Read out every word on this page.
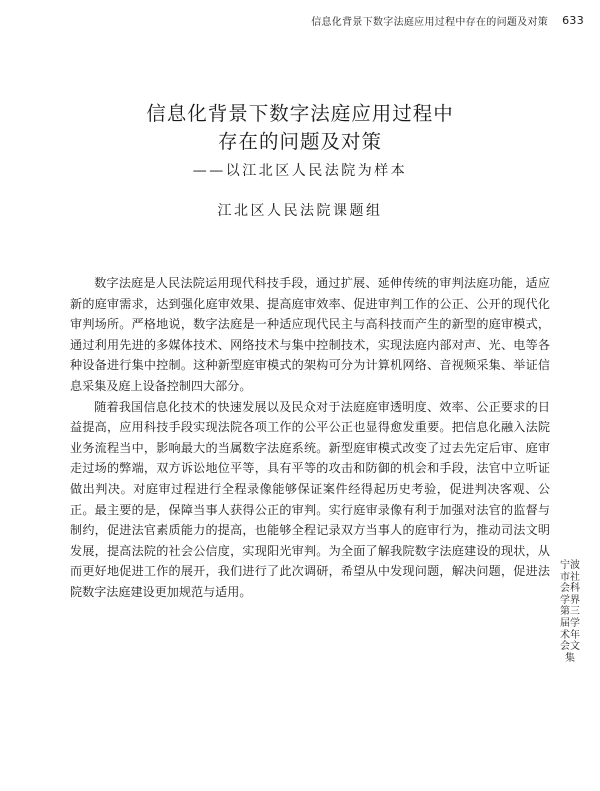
信息化背景下数字法庭应用过程中存在的问题及对策 633
信息化背景下数字法庭应用过程中
存在的问题及对策
——以江北区人民法院为样本
江北区人民法院课题组

数字法庭是人民法院运用现代科技手段，通过扩展、延伸传统的审判法庭功能，适应新的庭审需求，达到强化庭审效果、提高庭审效率、促进审判工作的公正、公开的现代化审判场所。严格地说，数字法庭是一种适应现代民主与高科技而产生的新型的庭审模式，通过利用先进的多媒体技术、网络技术与集中控制技术，实现法庭内部对声、光、电等各种设备进行集中控制。这种新型庭审模式的架构可分为计算机网络、音视频采集、举证信息采集及庭上设备控制四大部分。

随着我国信息化技术的快速发展以及民众对于法庭庭审透明度、效率、公正要求的日益提高，应用科技手段实现法院各项工作的公平公正也显得愈发重要。把信息化融入法院业务流程当中，影响最大的当属数字法庭系统。新型庭审模式改变了过去先定后审、庭审走过场的弊端，双方诉讼地位平等，具有平等的攻击和防御的机会和手段，法官中立听证做出判决。对庭审过程进行全程录像能够保证案件经得起历史考验，促进判决客观、公正。最主要的是，保障当事人获得公正的审判。实行庭审录像有利于加强对法官的监督与制约，促进法官素质能力的提高，也能够全程记录双方当事人的庭审行为，推动司法文明发展，提高法院的社会公信度，实现阳光审判。为全面了解我院数字法庭建设的现状，从而更好地促进工作的展开，我们进行了此次调研，希望从中发现问题，解决问题，促进法院数字法庭建设更加规范与适用。

宁波市社会科学界第三届学术年会文集
